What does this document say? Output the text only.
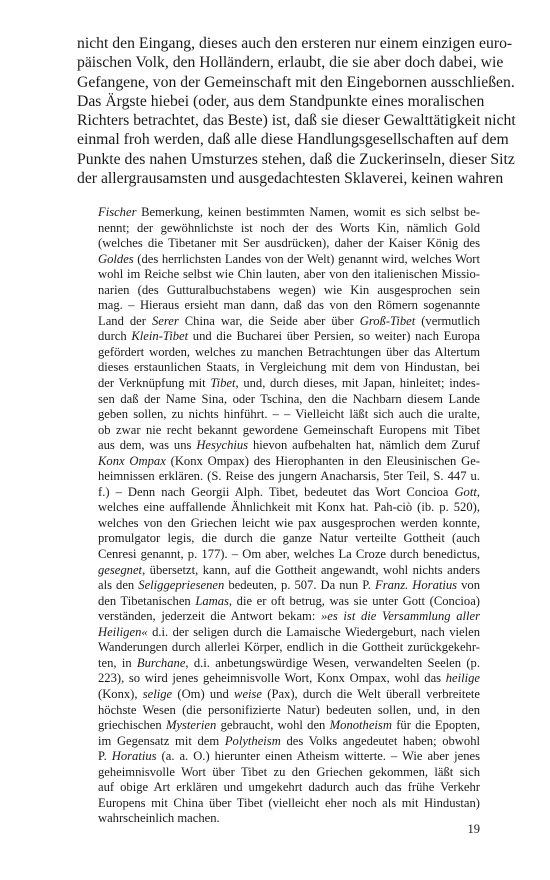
nicht den Eingang, dieses auch den ersteren nur einem einzigen euro-
päischen Volk, den Holländern, erlaubt, die sie aber doch dabei, wie
Gefangene, von der Gemeinschaft mit den Eingebornen ausschließen.
Das Ärgste hiebei (oder, aus dem Standpunkte eines moralischen
Richters betrachtet, das Beste) ist, daß sie dieser Gewalttätigkeit nicht
einmal froh werden, daß alle diese Handlungsgesellschaften auf dem
Punkte des nahen Umsturzes stehen, daß die Zuckerinseln, dieser Sitz
der allergrausamsten und ausgedachtesten Sklaverei, keinen wahren
Fischer Bemerkung, keinen bestimmten Namen, womit es sich selbst be-
nennt; der gewöhnlichste ist noch der des Worts Kin, nämlich Gold
(welches die Tibetaner mit Ser ausdrücken), daher der Kaiser König des
Goldes (des herrlichsten Landes von der Welt) genannt wird, welches Wort
wohl im Reiche selbst wie Chin lauten, aber von den italienischen Missio-
narien (des Gutturalbuchstabens wegen) wie Kin ausgesprochen sein
mag. – Hieraus ersieht man dann, daß das von den Römern sogenannte
Land der Serer China war, die Seide aber über Groß-Tibet (vermutlich
durch Klein-Tibet und die Bucharei über Persien, so weiter) nach Europa
gefördert worden, welches zu manchen Betrachtungen über das Altertum
dieses erstaunlichen Staats, in Vergleichung mit dem von Hindustan, bei
der Verknüpfung mit Tibet, und, durch dieses, mit Japan, hinleitet; indes-
sen daß der Name Sina, oder Tschina, den die Nachbarn diesem Lande
geben sollen, zu nichts hinführt. – – Vielleicht läßt sich auch die uralte,
ob zwar nie recht bekannt gewordene Gemeinschaft Europens mit Tibet
aus dem, was uns Hesychius hievon aufbehalten hat, nämlich dem Zuruf
Konx Ompax (Konx Ompax) des Hierophanten in den Eleusinischen Ge-
heimnissen erklären. (S. Reise des jungern Anacharsis, 5ter Teil, S. 447 u.
f.) – Denn nach Georgii Alph. Tibet, bedeutet das Wort Concioa Gott,
welches eine auffallende Ähnlichkeit mit Konx hat. Pah-ciò (ib. p. 520),
welches von den Griechen leicht wie pax ausgesprochen werden konnte,
promulgator legis, die durch die ganze Natur verteilte Gottheit (auch
Cenresi genannt, p. 177). – Om aber, welches La Croze durch benedictus,
gesegnet, übersetzt, kann, auf die Gottheit angewandt, wohl nichts anders
als den Seliggepriesenen bedeuten, p. 507. Da nun P. Franz. Horatius von
den Tibetanischen Lamas, die er oft betrug, was sie unter Gott (Concioa)
verständen, jederzeit die Antwort bekam: »es ist die Versammlung aller
Heiligen« d.i. der seligen durch die Lamaische Wiedergeburt, nach vielen
Wanderungen durch allerlei Körper, endlich in die Gottheit zurückgekehr-
ten, in Burchane, d.i. anbetungswürdige Wesen, verwandelten Seelen (p.
223), so wird jenes geheimnisvolle Wort, Konx Ompax, wohl das heilige
(Konx), selige (Om) und weise (Pax), durch die Welt überall verbreitete
höchste Wesen (die personifizierte Natur) bedeuten sollen, und, in den
griechischen Mysterien gebraucht, wohl den Monotheism für die Epopten,
im Gegensatz mit dem Polytheism des Volks angedeutet haben; obwohl
P. Horatius (a. a. O.) hierunter einen Atheism witterte. – Wie aber jenes
geheimnisvolle Wort über Tibet zu den Griechen gekommen, läßt sich
auf obige Art erklären und umgekehrt dadurch auch das frühe Verkehr
Europens mit China über Tibet (vielleicht eher noch als mit Hindustan)
wahrscheinlich machen.
19
